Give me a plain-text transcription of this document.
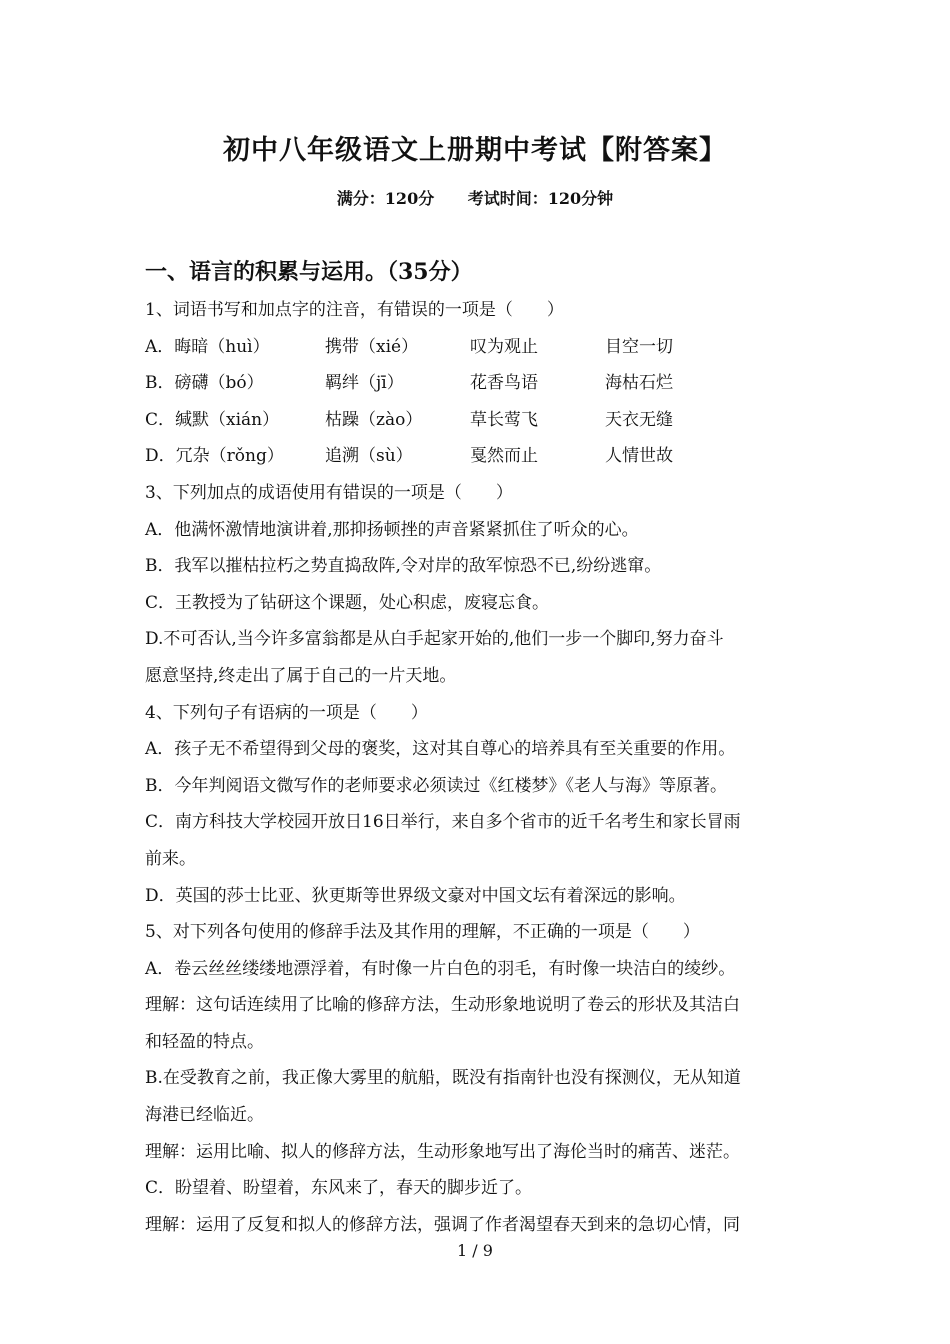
初中八年级语文上册期中考试【附答案】
满分：120分 考试时间：120分钟
一、语言的积累与运用。（35分）
1、词语书写和加点字的注音，有错误的一项是（　　）
A．晦暗（huì）	携带（xié）	叹为观止	目空一切
B．磅礴（bó）	羁绊（jī）	花香鸟语	海枯石烂
C．缄默（xián）	枯躁（zào）	草长莺飞	天衣无缝
D．冗杂（rǒng）	追溯（sù）	戛然而止	人情世故
3、下列加点的成语使用有错误的一项是（　　）
A．他满怀激情地演讲着,那抑扬顿挫的声音紧紧抓住了听众的心。
B．我军以摧枯拉朽之势直捣敌阵,令对岸的敌军惊恐不已,纷纷逃窜。
C．王教授为了钻研这个课题，处心积虑，废寝忘食。
D.不可否认,当今许多富翁都是从白手起家开始的,他们一步一个脚印,努力奋斗
愿意坚持,终走出了属于自己的一片天地。
4、下列句子有语病的一项是（　　）
A．孩子无不希望得到父母的褒奖，这对其自尊心的培养具有至关重要的作用。
B．今年判阅语文微写作的老师要求必须读过《红楼梦》《老人与海》等原著。
C．南方科技大学校园开放日16日举行，来自多个省市的近千名考生和家长冒雨
前来。
D．英国的莎士比亚、狄更斯等世界级文豪对中国文坛有着深远的影响。
5、对下列各句使用的修辞手法及其作用的理解，不正确的一项是（　　）
A．卷云丝丝缕缕地漂浮着，有时像一片白色的羽毛，有时像一块洁白的绫纱。
理解：这句话连续用了比喻的修辞方法，生动形象地说明了卷云的形状及其洁白
和轻盈的特点。
B.在受教育之前，我正像大雾里的航船，既没有指南针也没有探测仪，无从知道
海港已经临近。
理解：运用比喻、拟人的修辞方法，生动形象地写出了海伦当时的痛苦、迷茫。
C．盼望着、盼望着，东风来了，春天的脚步近了。
理解：运用了反复和拟人的修辞方法，强调了作者渴望春天到来的急切心情，同
1 / 9
